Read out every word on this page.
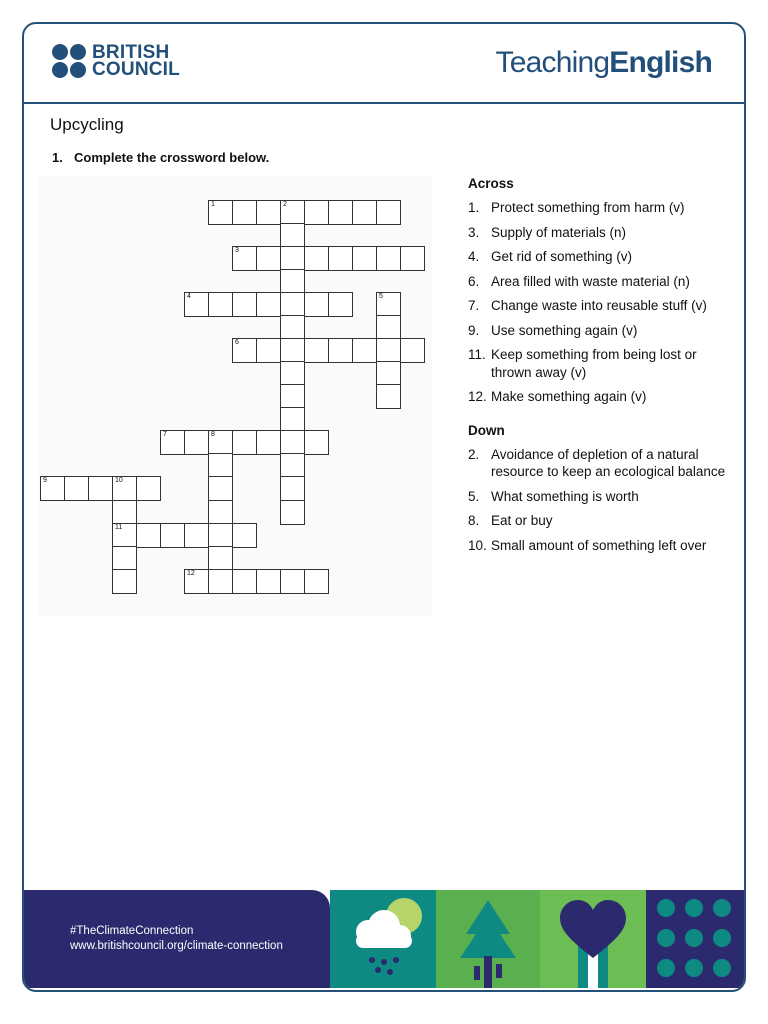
BRITISH
COUNCIL	TeachingEnglish
Upcycling
1. Complete the crossword below.
1	2
3
4	5
6
7	8
9	10
11
12
Across
1. Protect something from harm (v)
3. Supply of materials (n)
4. Get rid of something (v)
6. Area filled with waste material (n)
7. Change waste into reusable stuff (v)
9. Use something again (v)
11. Keep something from being lost or thrown away (v)
12. Make something again (v)
Down
2. Avoidance of depletion of a natural resource to keep an ecological balance
5. What something is worth
8. Eat or buy
10. Small amount of something left over
#TheClimateConnection
www.britishcouncil.org/climate-connection
